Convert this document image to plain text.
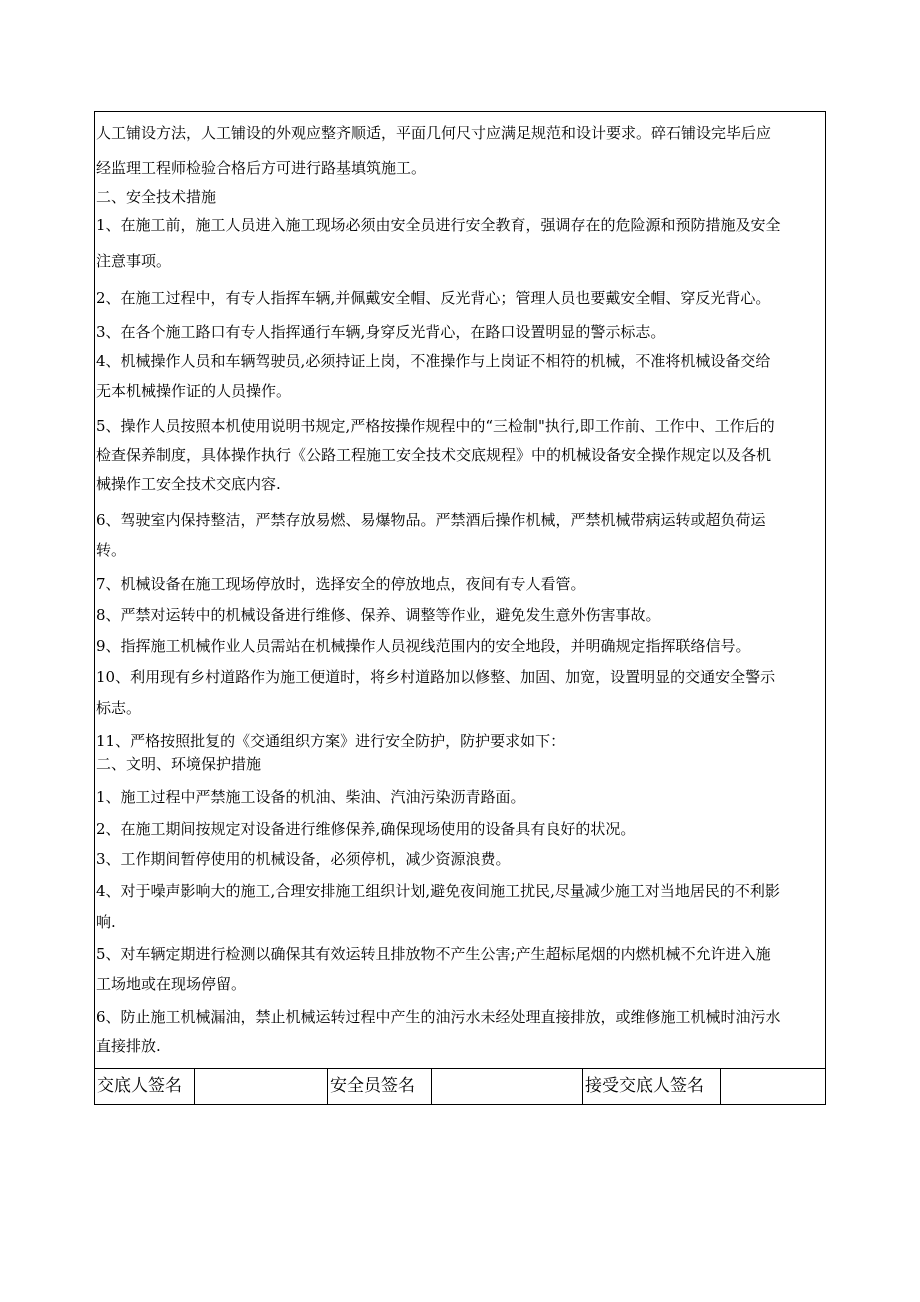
人工铺设方法，人工铺设的外观应整齐顺适，平面几何尺寸应满足规范和设计要求。碎石铺设完毕后应
经监理工程师检验合格后方可进行路基填筑施工。
二、安全技术措施
1、在施工前，施工人员进入施工现场必须由安全员进行安全教育，强调存在的危险源和预防措施及安全
注意事项。
2、在施工过程中，有专人指挥车辆,并佩戴安全帽、反光背心；管理人员也要戴安全帽、穿反光背心。
3、在各个施工路口有专人指挥通行车辆,身穿反光背心，在路口设置明显的警示标志。
4、机械操作人员和车辆驾驶员,必须持证上岗，不准操作与上岗证不相符的机械，不准将机械设备交给
无本机械操作证的人员操作。
5、操作人员按照本机使用说明书规定,严格按操作规程中的“三检制"执行,即工作前、工作中、工作后的
检查保养制度，具体操作执行《公路工程施工安全技术交底规程》中的机械设备安全操作规定以及各机
械操作工安全技术交底内容.
6、驾驶室内保持整洁，严禁存放易燃、易爆物品。严禁酒后操作机械，严禁机械带病运转或超负荷运
转。
7、机械设备在施工现场停放时，选择安全的停放地点，夜间有专人看管。
8、严禁对运转中的机械设备进行维修、保养、调整等作业，避免发生意外伤害事故。
9、指挥施工机械作业人员需站在机械操作人员视线范围内的安全地段，并明确规定指挥联络信号。
10、利用现有乡村道路作为施工便道时，将乡村道路加以修整、加固、加宽，设置明显的交通安全警示
标志。
11、严格按照批复的《交通组织方案》进行安全防护，防护要求如下：
二、文明、环境保护措施
1、施工过程中严禁施工设备的机油、柴油、汽油污染沥青路面。
2、在施工期间按规定对设备进行维修保养,确保现场使用的设备具有良好的状况。
3、工作期间暂停使用的机械设备，必须停机，减少资源浪费。
4、对于噪声影响大的施工,合理安排施工组织计划,避免夜间施工扰民,尽量减少施工对当地居民的不利影
响.
5、对车辆定期进行检测以确保其有效运转且排放物不产生公害;产生超标尾烟的内燃机械不允许进入施
工场地或在现场停留。
6、防止施工机械漏油，禁止机械运转过程中产生的油污水未经处理直接排放，或维修施工机械时油污水
直接排放.
交底人签名	安全员签名	接受交底人签名
